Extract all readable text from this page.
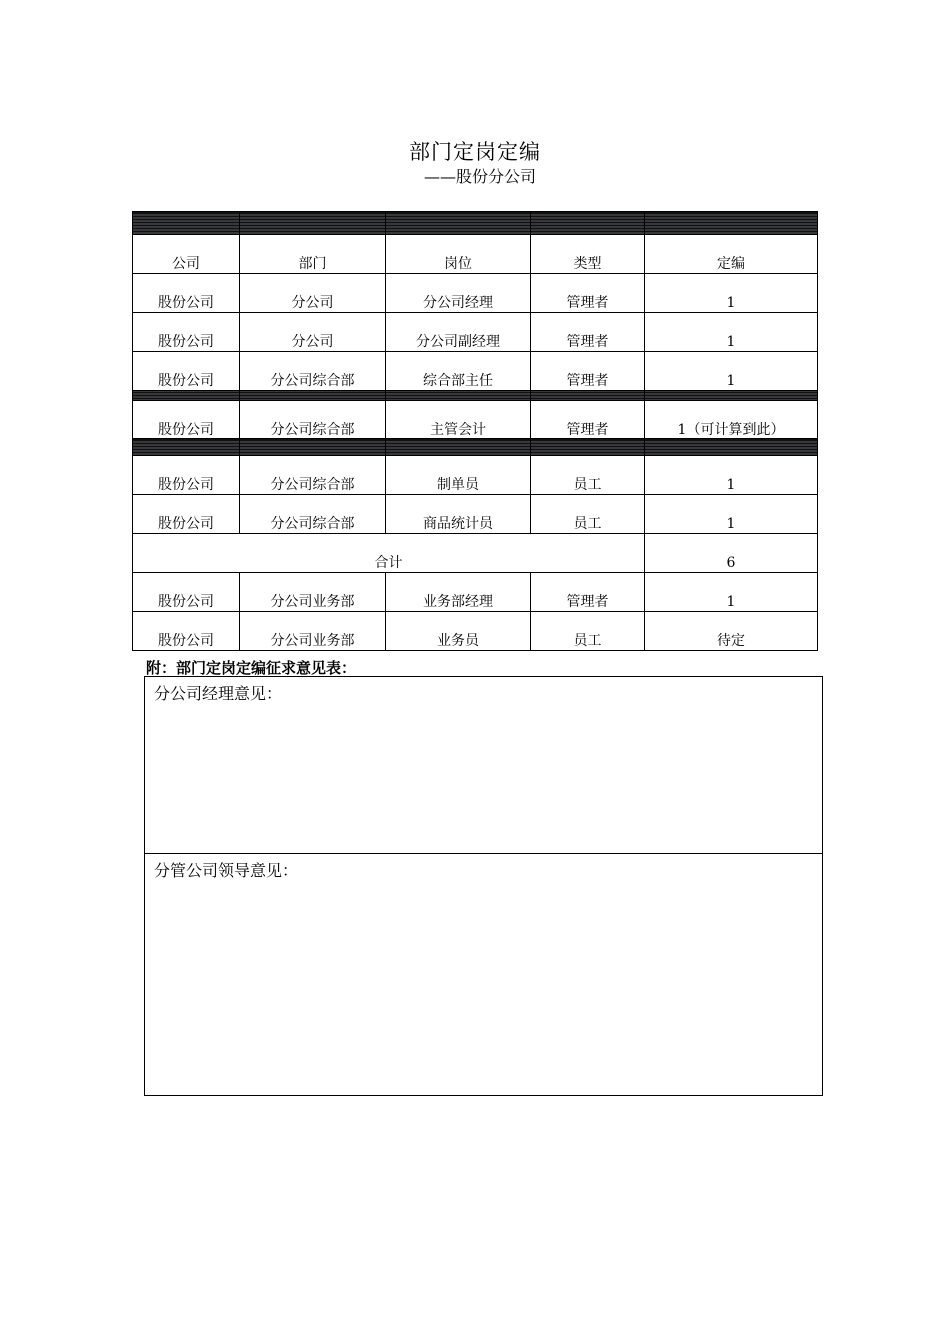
部门定岗定编
——股份分公司

公司	部门	岗位	类型	定编
股份公司	分公司	分公司经理	管理者	1
股份公司	分公司	分公司副经理	管理者	1
股份公司	分公司综合部	综合部主任	管理者	1

股份公司	分公司综合部	主管会计	管理者	1（可计算到此）

股份公司	分公司综合部	制单员	员工	1
股份公司	分公司综合部	商品统计员	员工	1
合计				6
股份公司	分公司业务部	业务部经理	管理者	1
股份公司	分公司业务部	业务员	员工	待定
附：部门定岗定编征求意见表：
分公司经理意见：
分管公司领导意见：
